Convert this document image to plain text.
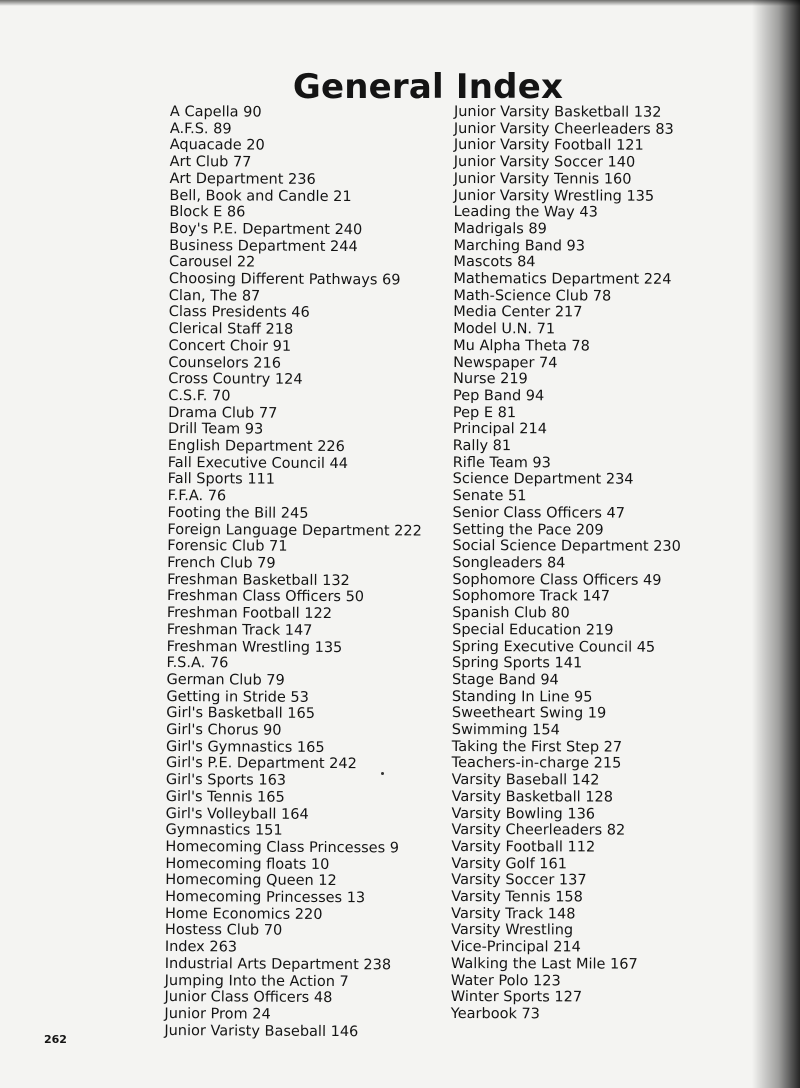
General Index
A Capella 90
A.F.S. 89
Aquacade 20
Art Club 77
Art Department 236
Bell, Book and Candle 21
Block E 86
Boy's P.E. Department 240
Business Department 244
Carousel 22
Choosing Different Pathways 69
Clan, The 87
Class Presidents 46
Clerical Staff 218
Concert Choir 91
Counselors 216
Cross Country 124
C.S.F. 70
Drama Club 77
Drill Team 93
English Department 226
Fall Executive Council 44
Fall Sports 111
F.F.A. 76
Footing the Bill 245
Foreign Language Department 222
Forensic Club 71
French Club 79
Freshman Basketball 132
Freshman Class Officers 50
Freshman Football 122
Freshman Track 147
Freshman Wrestling 135
F.S.A. 76
German Club 79
Getting in Stride 53
Girl's Basketball 165
Girl's Chorus 90
Girl's Gymnastics 165
Girl's P.E. Department 242
Girl's Sports 163
Girl's Tennis 165
Girl's Volleyball 164
Gymnastics 151
Homecoming Class Princesses 9
Homecoming floats 10
Homecoming Queen 12
Homecoming Princesses 13
Home Economics 220
Hostess Club 70
Index 263
Industrial Arts Department 238
Jumping Into the Action 7
Junior Class Officers 48
Junior Prom 24
Junior Varisty Baseball 146
Junior Varsity Basketball 132
Junior Varsity Cheerleaders 83
Junior Varsity Football 121
Junior Varsity Soccer 140
Junior Varsity Tennis 160
Junior Varsity Wrestling 135
Leading the Way 43
Madrigals 89
Marching Band 93
Mascots 84
Mathematics Department 224
Math-Science Club 78
Media Center 217
Model U.N. 71
Mu Alpha Theta 78
Newspaper 74
Nurse 219
Pep Band 94
Pep E 81
Principal 214
Rally 81
Rifle Team 93
Science Department 234
Senate 51
Senior Class Officers 47
Setting the Pace 209
Social Science Department 230
Songleaders 84
Sophomore Class Officers 49
Sophomore Track 147
Spanish Club 80
Special Education 219
Spring Executive Council 45
Spring Sports 141
Stage Band 94
Standing In Line 95
Sweetheart Swing 19
Swimming 154
Taking the First Step 27
Teachers-in-charge 215
Varsity Baseball 142
Varsity Basketball 128
Varsity Bowling 136
Varsity Cheerleaders 82
Varsity Football 112
Varsity Golf 161
Varsity Soccer 137
Varsity Tennis 158
Varsity Track 148
Varsity Wrestling
Vice-Principal 214
Walking the Last Mile 167
Water Polo 123
Winter Sports 127
Yearbook 73
262
